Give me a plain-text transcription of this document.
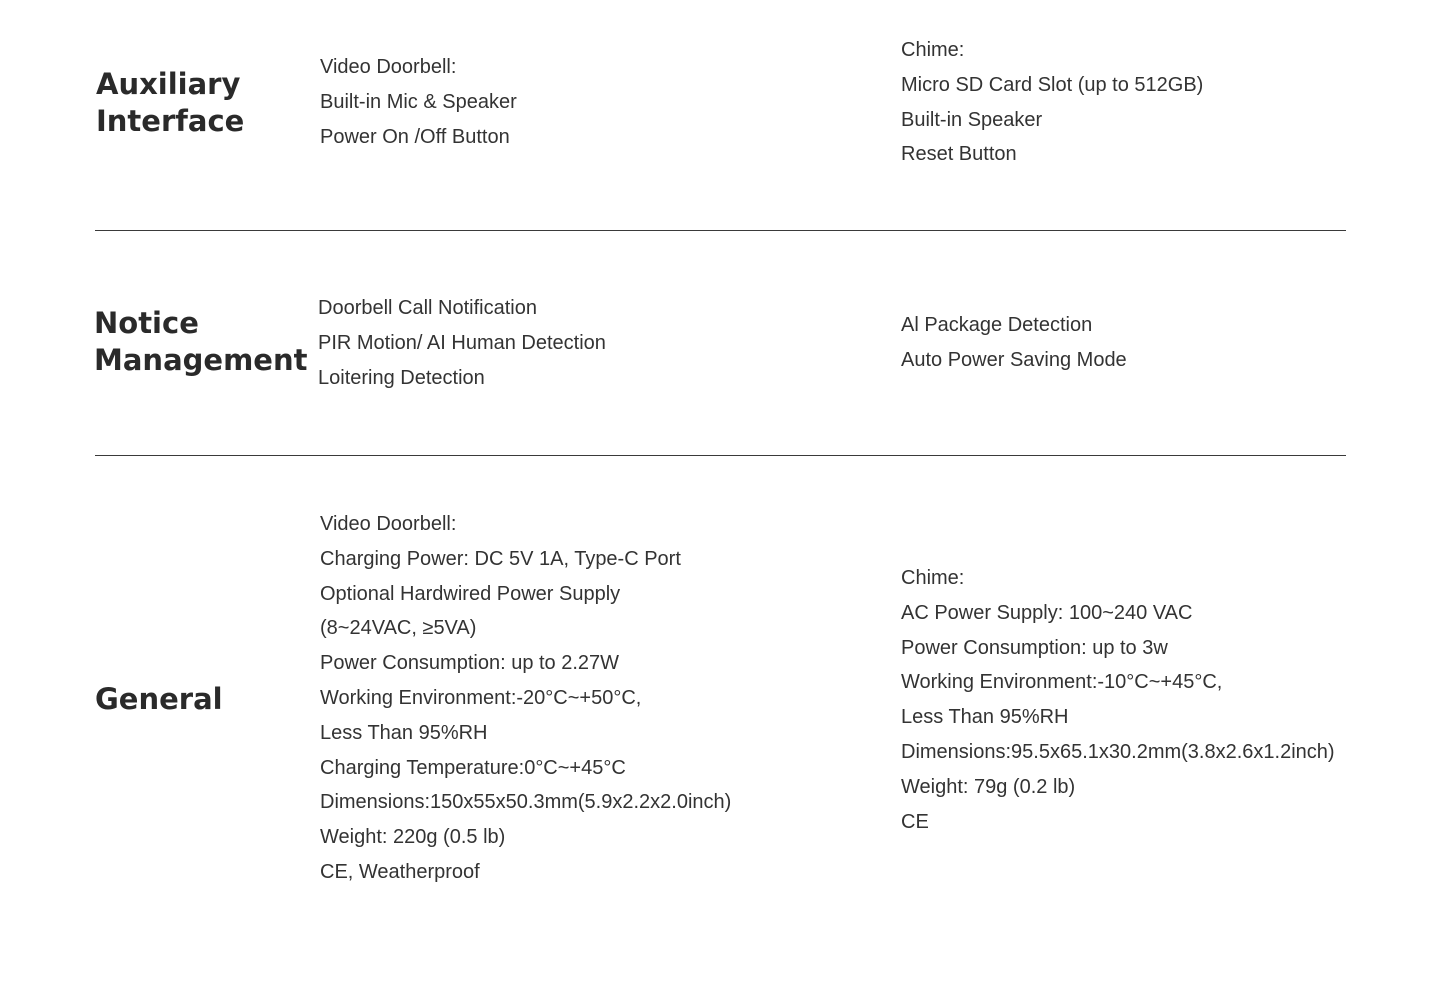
Auxiliary
Interface
Video Doorbell:
Built-in Mic & Speaker
Power On /Off Button
Chime:
Micro SD Card Slot (up to 512GB)
Built-in Speaker
Reset Button
Notice
Management
Doorbell Call Notification
PIR Motion/ AI Human Detection
Loitering Detection
Al Package Detection
Auto Power Saving Mode
General
Video Doorbell:
Charging Power: DC 5V 1A, Type-C Port
Optional Hardwired Power Supply
(8~24VAC, ≥5VA)
Power Consumption: up to 2.27W
Working Environment:-20°C~+50°C,
Less Than 95%RH
Charging Temperature:0°C~+45°C
Dimensions:150x55x50.3mm(5.9x2.2x2.0inch)
Weight: 220g (0.5 lb)
CE, Weatherproof
Chime:
AC Power Supply: 100~240 VAC
Power Consumption: up to 3w
Working Environment:-10°C~+45°C,
Less Than 95%RH
Dimensions:95.5x65.1x30.2mm(3.8x2.6x1.2inch)
Weight: 79g (0.2 lb)
CE
